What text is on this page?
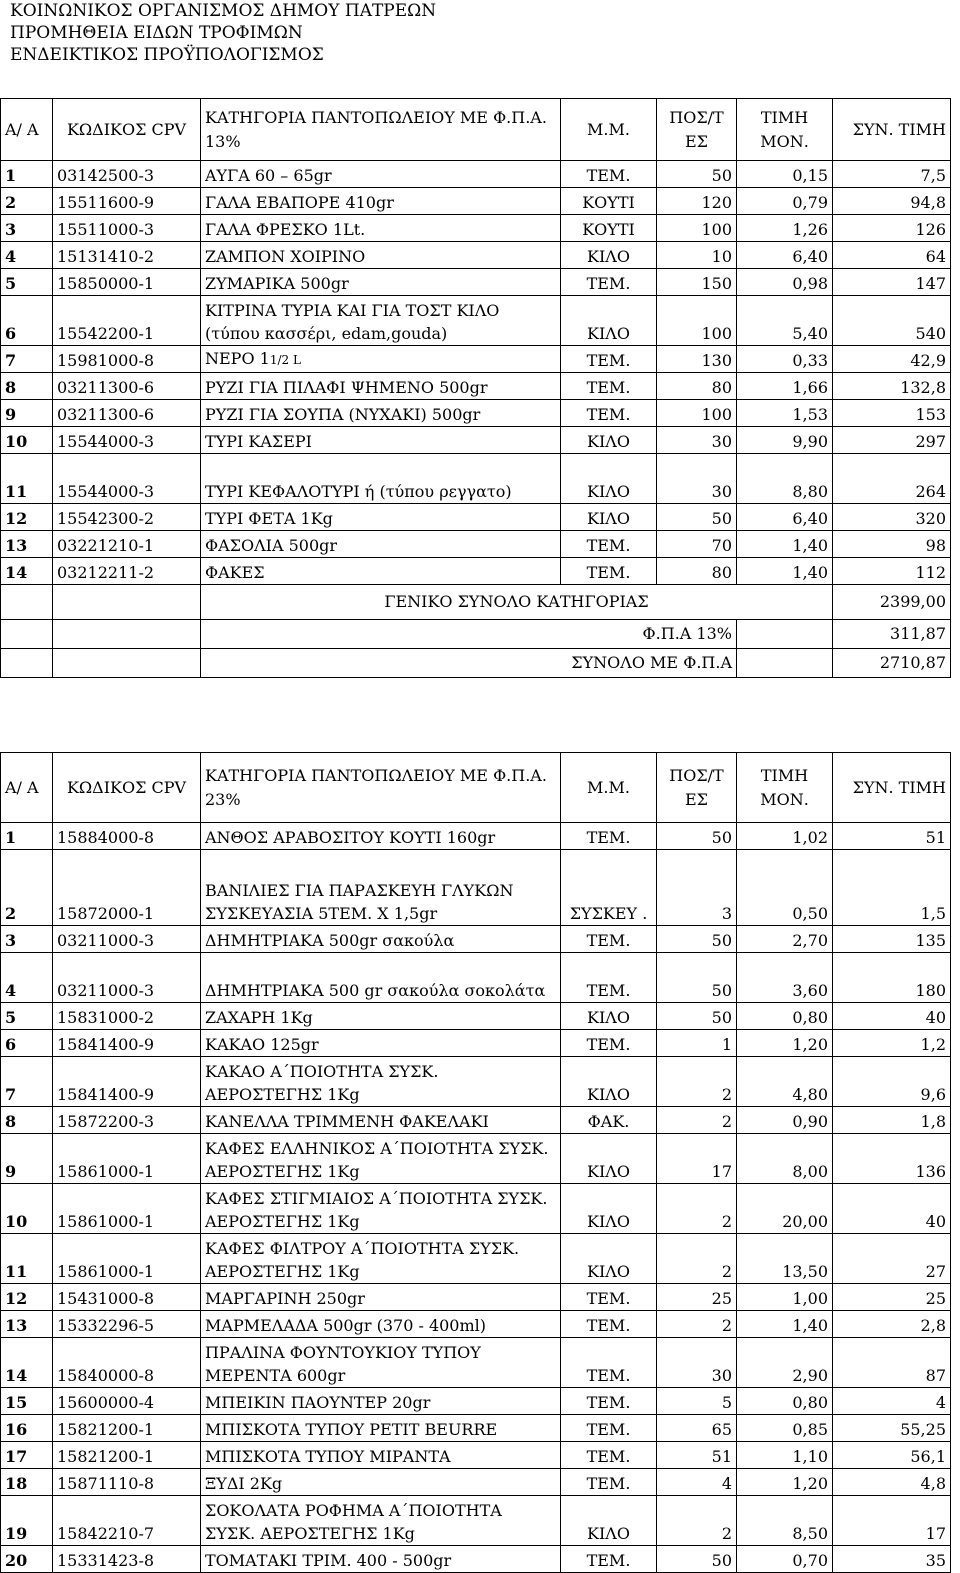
ΚΟΙΝΩΝΙΚΟΣ ΟΡΓΑΝΙΣΜΟΣ ΔΗΜΟΥ ΠΑΤΡΕΩΝ
ΠΡΟΜΗΘΕΙΑ ΕΙΔΩΝ ΤΡΟΦΙΜΩΝ
ΕΝΔΕΙΚΤΙΚΟΣ ΠΡΟΫΠΟΛΟΓΙΣΜΟΣ
Α/ Α	ΚΩΔΙΚΟΣ CPV	ΚΑΤΗΓΟΡΙΑ ΠΑΝΤΟΠΩΛΕΙΟΥ ΜΕ Φ.Π.Α. 13%	Μ.Μ.	ΠΟΣ/Τ ΕΣ	ΤΙΜΗ ΜΟΝ.	ΣΥΝ. ΤΙΜΗ
1	03142500-3	ΑΥΓΑ 60 – 65gr	ΤΕΜ.	50	0,15	7,5
2	15511600-9	ΓΑΛΑ ΕΒΑΠΟΡΕ 410gr	ΚΟΥΤΙ	120	0,79	94,8
3	15511000-3	ΓΑΛΑ ΦΡΕΣΚΟ 1Lt.	ΚΟΥΤΙ	100	1,26	126
4	15131410-2	ΖΑΜΠΟΝ ΧΟΙΡΙΝΟ	ΚΙΛΟ	10	6,40	64
5	15850000-1	ΖΥΜΑΡΙΚΑ 500gr	ΤΕΜ.	150	0,98	147
6	15542200-1	ΚΙΤΡΙΝΑ ΤΥΡΙΑ ΚΑΙ ΓΙΑ ΤΟΣΤ ΚΙΛΟ (τύπου κασσέρι, edam,gouda)	ΚΙΛΟ	100	5,40	540
7	15981000-8	ΝΕΡΟ 11/2 L	ΤΕΜ.	130	0,33	42,9
8	03211300-6	ΡΥΖΙ ΓΙΑ ΠΙΛΑΦΙ ΨΗΜΕΝΟ 500gr	ΤΕΜ.	80	1,66	132,8
9	03211300-6	ΡΥΖΙ ΓΙΑ ΣΟΥΠΑ (ΝΥΧΑΚΙ) 500gr	ΤΕΜ.	100	1,53	153
10	15544000-3	ΤΥΡΙ ΚΑΣΕΡΙ	ΚΙΛΟ	30	9,90	297
11	15544000-3	ΤΥΡΙ ΚΕΦΑΛΟΤΥΡΙ ή (τύπου ρεγγατο)	ΚΙΛΟ	30	8,80	264
12	15542300-2	ΤΥΡΙ ΦΕΤΑ 1Kg	ΚΙΛΟ	50	6,40	320
13	03221210-1	ΦΑΣΟΛΙΑ 500gr	ΤΕΜ.	70	1,40	98
14	03212211-2	ΦΑΚΕΣ	ΤΕΜ.	80	1,40	112
		ΓΕΝΙΚΟ ΣΥΝΟΛΟ ΚΑΤΗΓΟΡΙΑΣ				2399,00
		Φ.Π.Α 13%				311,87
		ΣΥΝΟΛΟ ΜΕ Φ.Π.Α				2710,87
Α/ Α	ΚΩΔΙΚΟΣ CPV	ΚΑΤΗΓΟΡΙΑ ΠΑΝΤΟΠΩΛΕΙΟΥ ΜΕ Φ.Π.Α. 23%	Μ.Μ.	ΠΟΣ/Τ ΕΣ	ΤΙΜΗ ΜΟΝ.	ΣΥΝ. ΤΙΜΗ
1	15884000-8	ΑΝΘΟΣ ΑΡΑΒΟΣΙΤΟΥ ΚΟΥΤΙ 160gr	ΤΕΜ.	50	1,02	51
2	15872000-1	ΒΑΝΙΛΙΕΣ ΓΙΑ ΠΑΡΑΣΚΕΥΗ ΓΛΥΚΩΝ ΣΥΣΚΕΥΑΣΙΑ 5ΤΕΜ. Χ 1,5gr	ΣΥΣΚΕΥ .	3	0,50	1,5
3	03211000-3	ΔΗΜΗΤΡΙΑΚΑ 500gr σακούλα	ΤΕΜ.	50	2,70	135
4	03211000-3	ΔΗΜΗΤΡΙΑΚΑ 500 gr σακούλα σοκολάτα	ΤΕΜ.	50	3,60	180
5	15831000-2	ΖΑΧΑΡΗ 1Kg	ΚΙΛΟ	50	0,80	40
6	15841400-9	ΚΑΚΑΟ 125gr	ΤΕΜ.	1	1,20	1,2
7	15841400-9	ΚΑΚΑΟ Α΄ΠΟΙΟΤΗΤΑ ΣΥΣΚ. ΑΕΡΟΣΤΕΓΗΣ 1Kg	ΚΙΛΟ	2	4,80	9,6
8	15872200-3	ΚΑΝΕΛΛΑ ΤΡΙΜΜΕΝΗ ΦΑΚΕΛΑΚΙ	ΦΑΚ.	2	0,90	1,8
9	15861000-1	ΚΑΦΕΣ ΕΛΛΗΝΙΚΟΣ Α΄ΠΟΙΟΤΗΤΑ ΣΥΣΚ. ΑΕΡΟΣΤΕΓΗΣ 1Kg	ΚΙΛΟ	17	8,00	136
10	15861000-1	ΚΑΦΕΣ ΣΤΙΓΜΙΑΙΟΣ Α΄ΠΟΙΟΤΗΤΑ ΣΥΣΚ. ΑΕΡΟΣΤΕΓΗΣ 1Kg	ΚΙΛΟ	2	20,00	40
11	15861000-1	ΚΑΦΕΣ ΦΙΛΤΡΟΥ Α΄ΠΟΙΟΤΗΤΑ ΣΥΣΚ. ΑΕΡΟΣΤΕΓΗΣ 1Kg	ΚΙΛΟ	2	13,50	27
12	15431000-8	ΜΑΡΓΑΡΙΝΗ 250gr	ΤΕΜ.	25	1,00	25
13	15332296-5	ΜΑΡΜΕΛΑΔΑ 500gr (370 - 400ml)	ΤΕΜ.	2	1,40	2,8
14	15840000-8	ΠΡΑΛΙΝΑ ΦΟΥΝΤΟΥΚΙΟΥ ΤΥΠΟΥ ΜΕΡΕΝΤΑ 600gr	ΤΕΜ.	30	2,90	87
15	15600000-4	ΜΠΕΙΚΙΝ ΠΑΟΥΝΤΕΡ 20gr	ΤΕΜ.	5	0,80	4
16	15821200-1	ΜΠΙΣΚΟΤΑ ΤΥΠΟΥ PETIT BEURRE	ΤΕΜ.	65	0,85	55,25
17	15821200-1	ΜΠΙΣΚΟΤΑ ΤΥΠΟΥ ΜΙΡΑΝΤΑ	ΤΕΜ.	51	1,10	56,1
18	15871110-8	ΞΥΔΙ 2Kg	ΤΕΜ.	4	1,20	4,8
19	15842210-7	ΣΟΚΟΛΑΤΑ ΡΟΦΗΜΑ Α΄ΠΟΙΟΤΗΤΑ ΣΥΣΚ. ΑΕΡΟΣΤΕΓΗΣ 1Kg	ΚΙΛΟ	2	8,50	17
20	15331423-8	ΤΟΜΑΤΑΚΙ ΤΡΙΜ. 400 - 500gr	ΤΕΜ.	50	0,70	35
